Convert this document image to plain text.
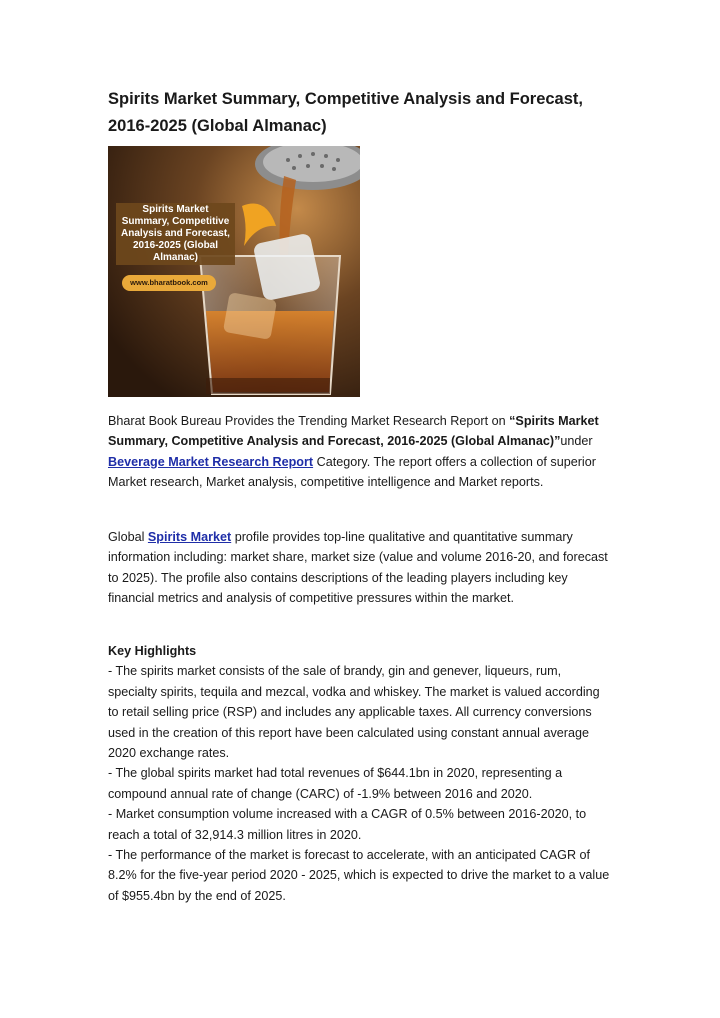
Spirits Market Summary, Competitive Analysis and Forecast, 2016-2025 (Global Almanac)
Spirits Market Summary, Competitive Analysis and Forecast, 2016-2025 (Global Almanac)
www.bharatbook.com

Bharat Book Bureau Provides the Trending Market Research Report on “Spirits Market Summary, Competitive Analysis and Forecast, 2016-2025 (Global Almanac)”under Beverage Market Research Report Category. The report offers a collection of superior Market research, Market analysis, competitive intelligence and Market reports.

Global Spirits Market profile provides top-line qualitative and quantitative summary information including: market share, market size (value and volume 2016-20, and forecast to 2025). The profile also contains descriptions of the leading players including key financial metrics and analysis of competitive pressures within the market.

Key Highlights
- The spirits market consists of the sale of brandy, gin and genever, liqueurs, rum, specialty spirits, tequila and mezcal, vodka and whiskey. The market is valued according to retail selling price (RSP) and includes any applicable taxes. All currency conversions used in the creation of this report have been calculated using constant annual average 2020 exchange rates.
- The global spirits market had total revenues of $644.1bn in 2020, representing a compound annual rate of change (CARC) of -1.9% between 2016 and 2020.
- Market consumption volume increased with a CAGR of 0.5% between 2016-2020, to reach a total of 32,914.3 million litres in 2020.
- The performance of the market is forecast to accelerate, with an anticipated CAGR of 8.2% for the five-year period 2020 - 2025, which is expected to drive the market to a value of $955.4bn by the end of 2025.
